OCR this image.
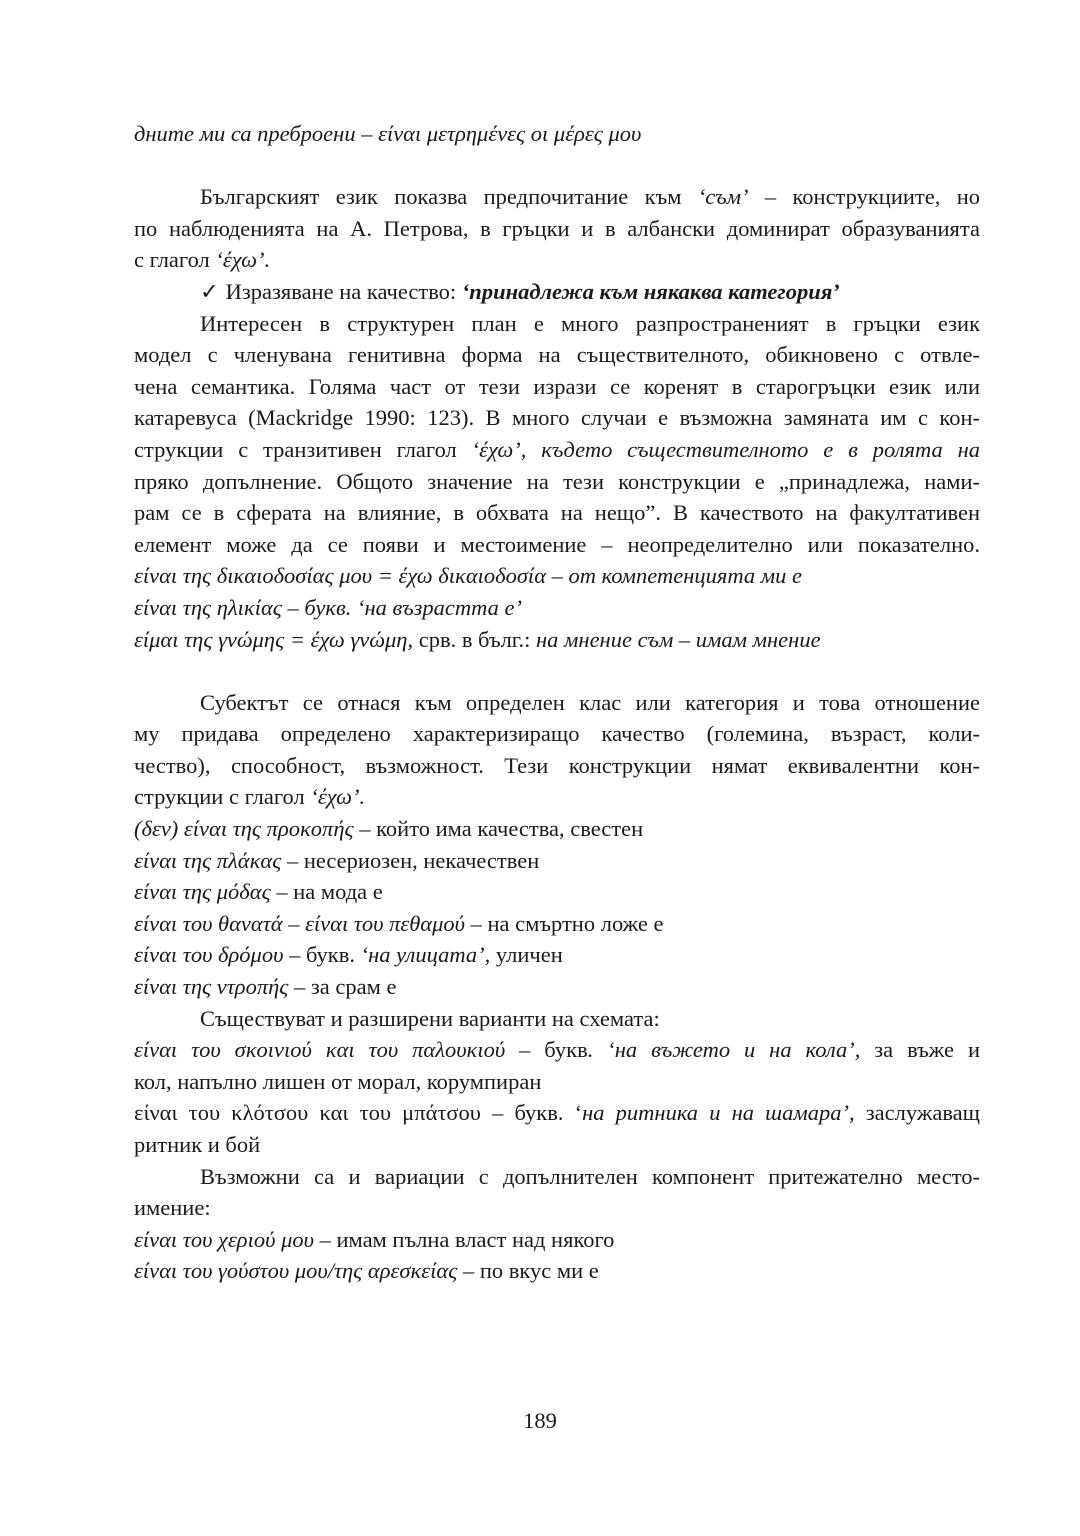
дните ми са преброени – είναι μετρημένες οι μέρες μου
Българският език показва предпочитание към ‘съм’ – конструкциите, но
по наблюденията на А. Петрова, в гръцки и в албански доминират образуванията
с глагол ‘έχω’.
✓ Изразяване на качество: ‘принадлежа към някаква категория’
Интересен в структурен план е много разпространеният в гръцки език
модел с членувана генитивна форма на съществителното, обикновено с отвле-
чена семантика. Голяма част от тези изрази се коренят в старогръцки език или
катаревуса (Mackridge 1990: 123). В много случаи е възможна замяната им с кон-
струкции с транзитивен глагол ‘έχω’, където съществителното е в ролята на
пряко допълнение. Общото значение на тези конструкции е „принадлежа, нами-
рам се в сферата на влияние, в обхвата на нещо”. В качеството на факултативен
елемент може да се появи и местоимение – неопределително или показателно.
είναι της δικαιοδοσίας μου = έχω δικαιοδοσία – от компетенцията ми е
είναι της ηλικίας – букв. ‘на възрастта е’
είμαι της γνώμης = έχω γνώμη, срв. в бълг.: на мнение съм – имам мнение
Субектът се отнася към определен клас или категория и това отношение
му придава определено характеризиращо качество (големина, възраст, коли-
чество), способност, възможност. Тези конструкции нямат еквивалентни кон-
струкции с глагол ‘έχω’.
(δεν) είναι της προκοπής – който има качества, свестен
είναι της πλάκας – несериозен, некачествен
είναι της μόδας – на мода е
είναι του θανατά – είναι του πεθαμού – на смъртно ложе е
είναι του δρόμου – букв. ‘на улицата’, уличен
είναι της ντροπής – за срам е
Съществуват и разширени варианти на схемата:
είναι του σκοινιού και του παλουκιού – букв. ‘на въжето и на кола’, за въже и
кол, напълно лишен от морал, корумпиран
είναι του κλότσου και του μπάτσου – букв. ‘на ритника и на шамара’, заслужаващ
ритник и бой
Възможни са и вариации с допълнителен компонент притежателно место-
имение:
είναι του χεριού μου – имам пълна власт над някого
είναι του γούστου μου/της αρεσκείας – по вкус ми е
189
